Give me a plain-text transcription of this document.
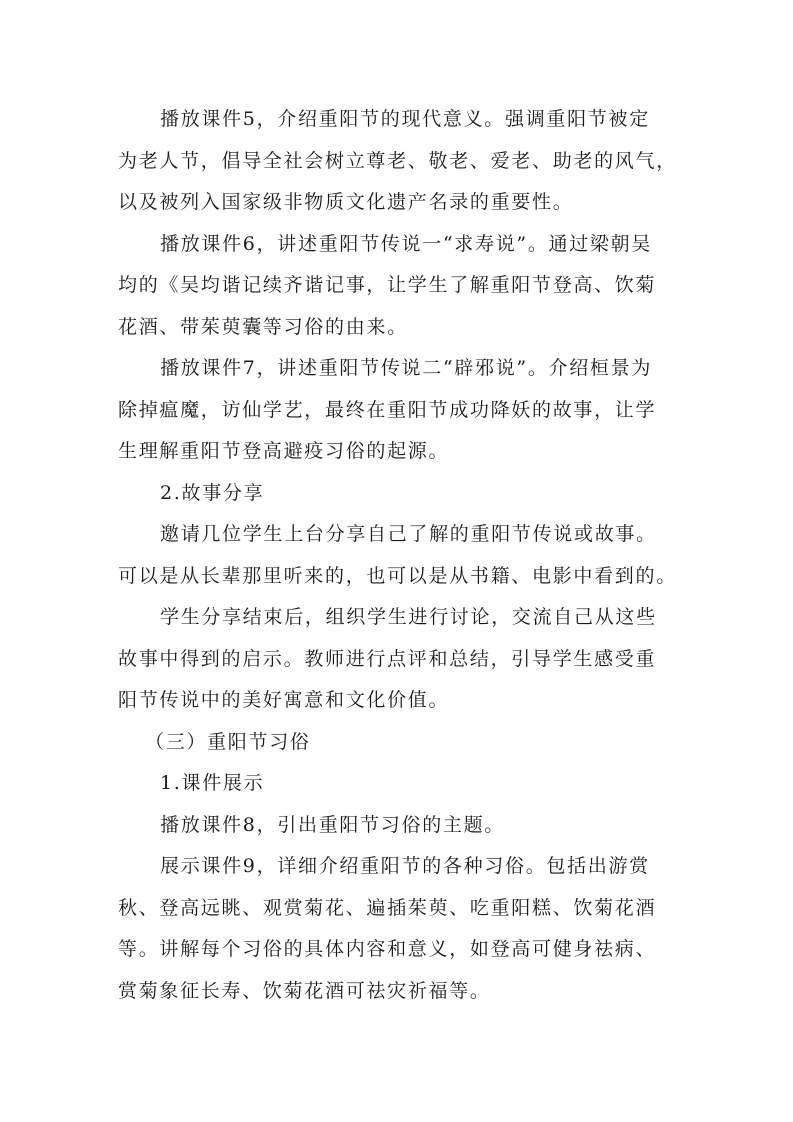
播放课件5，介绍重阳节的现代意义。强调重阳节被定

为老人节，倡导全社会树立尊老、敬老、爱老、助老的风气，

以及被列入国家级非物质文化遗产名录的重要性。

播放课件6，讲述重阳节传说一“求寿说”。通过梁朝吴

均的《吴均谐记续齐谐记事，让学生了解重阳节登高、饮菊

花酒、带茱萸囊等习俗的由来。

播放课件7，讲述重阳节传说二“辟邪说”。介绍桓景为

除掉瘟魔，访仙学艺，最终在重阳节成功降妖的故事，让学

生理解重阳节登高避疫习俗的起源。

2.故事分享

邀请几位学生上台分享自己了解的重阳节传说或故事。

可以是从长辈那里听来的，也可以是从书籍、电影中看到的。

学生分享结束后，组织学生进行讨论，交流自己从这些

故事中得到的启示。教师进行点评和总结，引导学生感受重

阳节传说中的美好寓意和文化价值。

（三）重阳节习俗

1.课件展示

播放课件8，引出重阳节习俗的主题。

展示课件9，详细介绍重阳节的各种习俗。包括出游赏

秋、登高远眺、观赏菊花、遍插茱萸、吃重阳糕、饮菊花酒

等。讲解每个习俗的具体内容和意义，如登高可健身祛病、

赏菊象征长寿、饮菊花酒可祛灾祈福等。
